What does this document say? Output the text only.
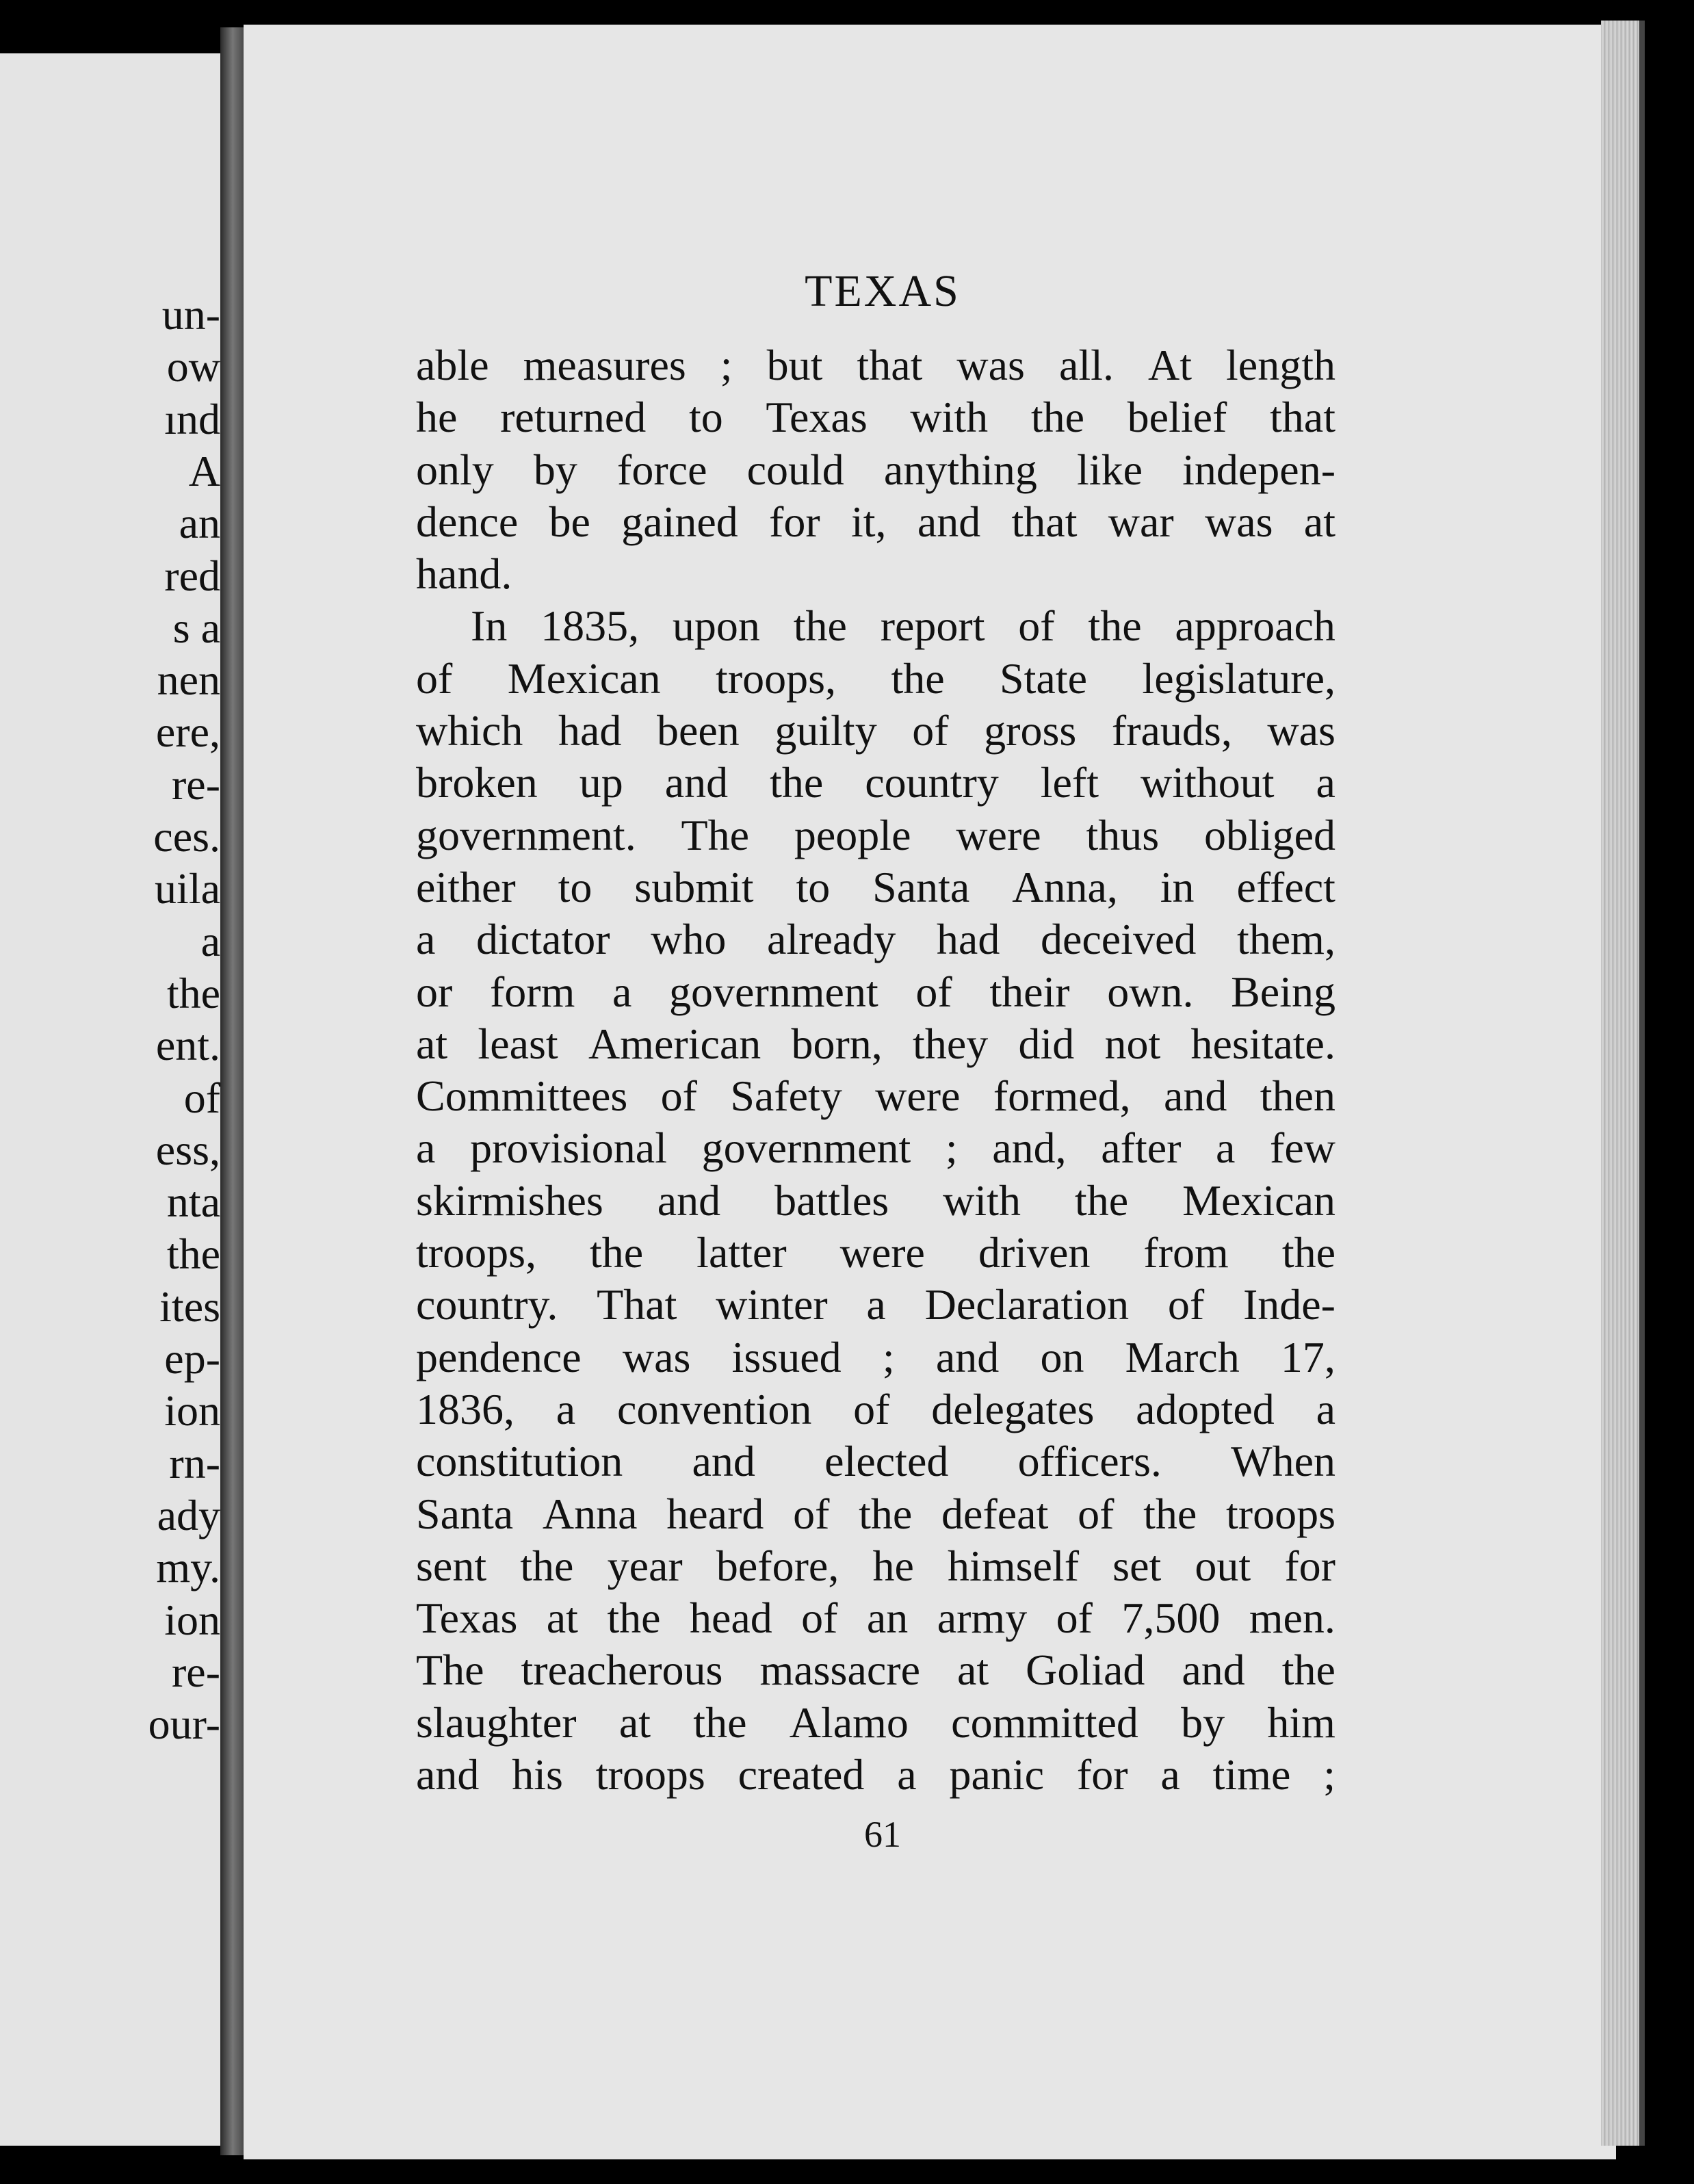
un-
ow
ınd
A
an
red
s a
nen
ere,
re-
ces.
uila
a
the
ent.
of
ess,
nta
the
ites
ep-
ion
rn-
ady
my.
ion
re-
our-
TEXAS
able measures ; but that was all. At length
he returned to Texas with the belief that
only by force could anything like indepen-
dence be gained for it, and that war was at
hand.
In 1835, upon the report of the approach
of Mexican troops, the State legislature,
which had been guilty of gross frauds, was
broken up and the country left without a
government. The people were thus obliged
either to submit to Santa Anna, in effect
a dictator who already had deceived them,
or form a government of their own. Being
at least American born, they did not hesitate.
Committees of Safety were formed, and then
a provisional government ; and, after a few
skirmishes and battles with the Mexican
troops, the latter were driven from the
country. That winter a Declaration of Inde-
pendence was issued ; and on March 17,
1836, a convention of delegates adopted a
constitution and elected officers. When
Santa Anna heard of the defeat of the troops
sent the year before, he himself set out for
Texas at the head of an army of 7,500 men.
The treacherous massacre at Goliad and the
slaughter at the Alamo committed by him
and his troops created a panic for a time ;
61
